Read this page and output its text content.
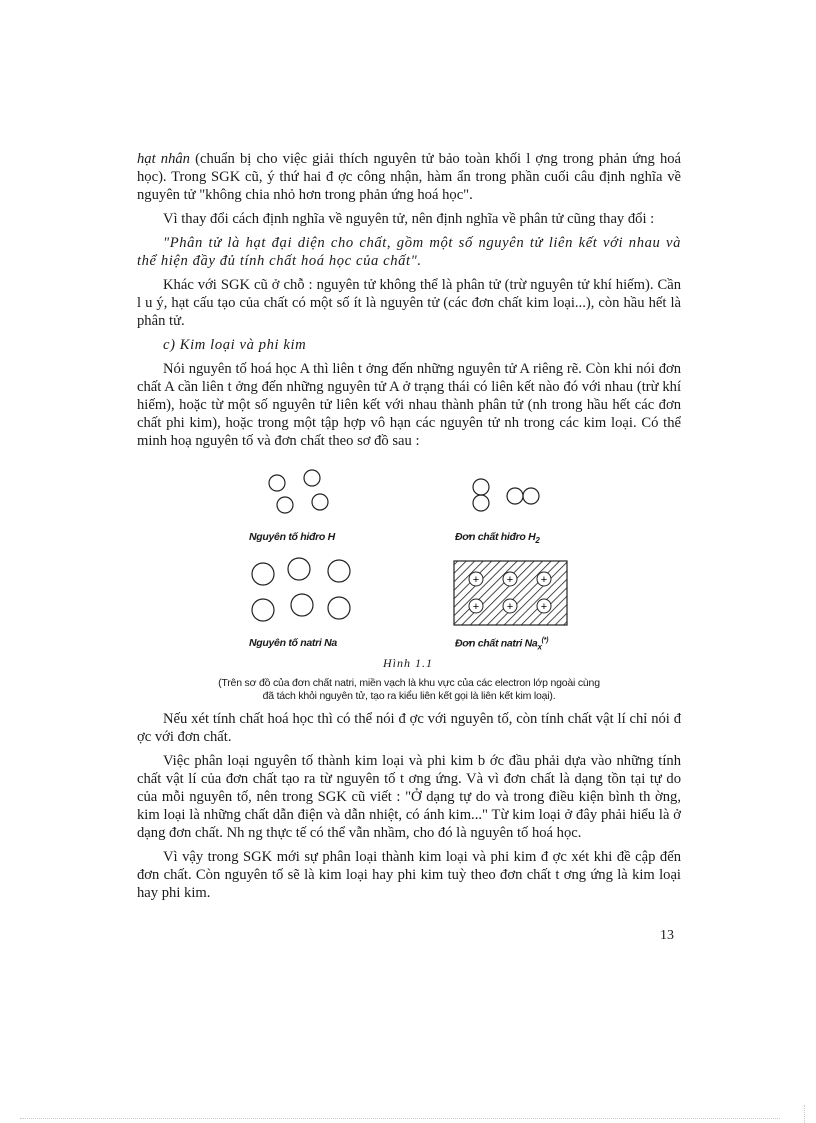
hạt nhân (chuẩn bị cho việc giải thích nguyên tử bảo toàn khối l ợng trong phản ứng hoá học). Trong SGK cũ, ý thứ hai đ ợc công nhận, hàm ẩn trong phần cuối câu định nghĩa về nguyên tử "không chia nhỏ hơn trong phản ứng hoá học".

Vì thay đổi cách định nghĩa về nguyên tử, nên định nghĩa về phân tử cũng thay đổi :

"Phân tử là hạt đại diện cho chất, gồm một số nguyên tử liên kết với nhau và thể hiện đầy đủ tính chất hoá học của chất".

Khác với SGK cũ ở chỗ : nguyên tử không thể là phân tử (trừ nguyên tử khí hiếm). Cần l u ý, hạt cấu tạo của chất có một số ít là nguyên tử (các đơn chất kim loại...), còn hầu hết là phân tử.

c) Kim loại và phi kim

Nói nguyên tố hoá học A thì liên t ởng đến những nguyên tử A riêng rẽ. Còn khi nói đơn chất A cần liên t ởng đến những nguyên tử A ở trạng thái có liên kết nào đó với nhau (trừ khí hiếm), hoặc từ một số nguyên tử liên kết với nhau thành phân tử (nh trong hầu hết các đơn chất phi kim), hoặc trong một tập hợp vô hạn các nguyên tử nh trong các kim loại. Có thể minh hoạ nguyên tố và đơn chất theo sơ đồ sau :

+	+	+
+	+	+
Nguyên tố hiđro H	Đơn chất hiđro $H_2$
Nguyên tố natri Na	Đơn chất natri $Na_x^{(*)}$
Hình 1.1
(Trên sơ đồ của đơn chất natri, miền vạch là khu vực của các electron lớp ngoài cùng
đã tách khỏi nguyên tử, tạo ra kiểu liên kết gọi là liên kết kim loại).

Nếu xét tính chất hoá học thì có thể nói đ ợc với nguyên tố, còn tính chất vật lí chỉ nói đ ợc với đơn chất.

Việc phân loại nguyên tố thành kim loại và phi kim b ớc đầu phải dựa vào những tính chất vật lí của đơn chất tạo ra từ nguyên tố t ơng ứng. Và vì đơn chất là dạng tồn tại tự do của mỗi nguyên tố, nên trong SGK cũ viết : "Ở dạng tự do và trong điều kiện bình th ờng, kim loại là những chất dẫn điện và dẫn nhiệt, có ánh kim..." Từ kim loại ở đây phải hiểu là ở dạng đơn chất. Nh ng thực tế có thể vẫn nhầm, cho đó là nguyên tố hoá học.

Vì vậy trong SGK mới sự phân loại thành kim loại và phi kim đ ợc xét khi đề cập đến đơn chất. Còn nguyên tố sẽ là kim loại hay phi kim tuỳ theo đơn chất t ơng ứng là kim loại hay phi kim.

13
